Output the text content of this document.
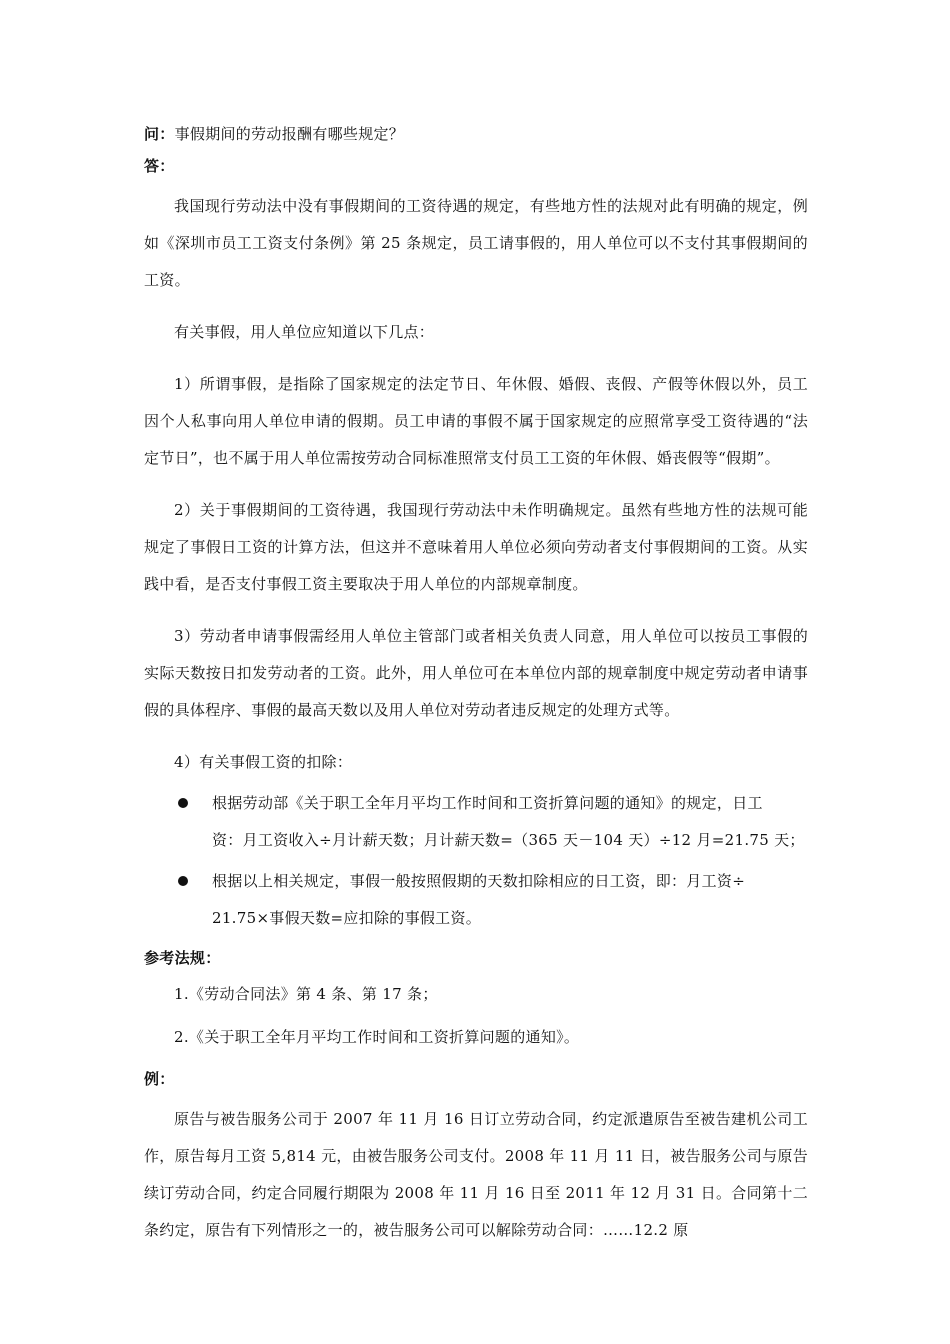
问：事假期间的劳动报酬有哪些规定？
答：

我国现行劳动法中没有事假期间的工资待遇的规定，有些地方性的法规对此有明确的规定，例如《深圳市员工工资支付条例》第 25 条规定，员工请事假的，用人单位可以不支付其事假期间的工资。

有关事假，用人单位应知道以下几点：

1）所谓事假，是指除了国家规定的法定节日、年休假、婚假、丧假、产假等休假以外，员工因个人私事向用人单位申请的假期。员工申请的事假不属于国家规定的应照常享受工资待遇的“法定节日”，也不属于用人单位需按劳动合同标准照常支付员工工资的年休假、婚丧假等“假期”。

2）关于事假期间的工资待遇，我国现行劳动法中未作明确规定。虽然有些地方性的法规可能规定了事假日工资的计算方法，但这并不意味着用人单位必须向劳动者支付事假期间的工资。从实践中看，是否支付事假工资主要取决于用人单位的内部规章制度。

3）劳动者申请事假需经用人单位主管部门或者相关负责人同意，用人单位可以按员工事假的实际天数按日扣发劳动者的工资。此外，用人单位可在本单位内部的规章制度中规定劳动者申请事假的具体程序、事假的最高天数以及用人单位对劳动者违反规定的处理方式等。

4）有关事假工资的扣除：

根据劳动部《关于职工全年月平均工作时间和工资折算问题的通知》的规定，日工
资：月工资收入÷月计薪天数；月计薪天数=（365 天－104 天）÷12 月=21.75 天；
根据以上相关规定，事假一般按照假期的天数扣除相应的日工资，即：月工资÷
21.75×事假天数=应扣除的事假工资。
参考法规：
1.《劳动合同法》第 4 条、第 17 条；
2.《关于职工全年月平均工作时间和工资折算问题的通知》。
例：

原告与被告服务公司于 2007 年 11 月 16 日订立劳动合同，约定派遣原告至被告建机公司工作，原告每月工资 5,814 元，由被告服务公司支付。2008 年 11 月 11 日，被告服务公司与原告续订劳动合同，约定合同履行期限为 2008 年 11 月 16 日至 2011 年 12 月 31 日。合同第十二条约定，原告有下列情形之一的，被告服务公司可以解除劳动合同：……12.2 原
